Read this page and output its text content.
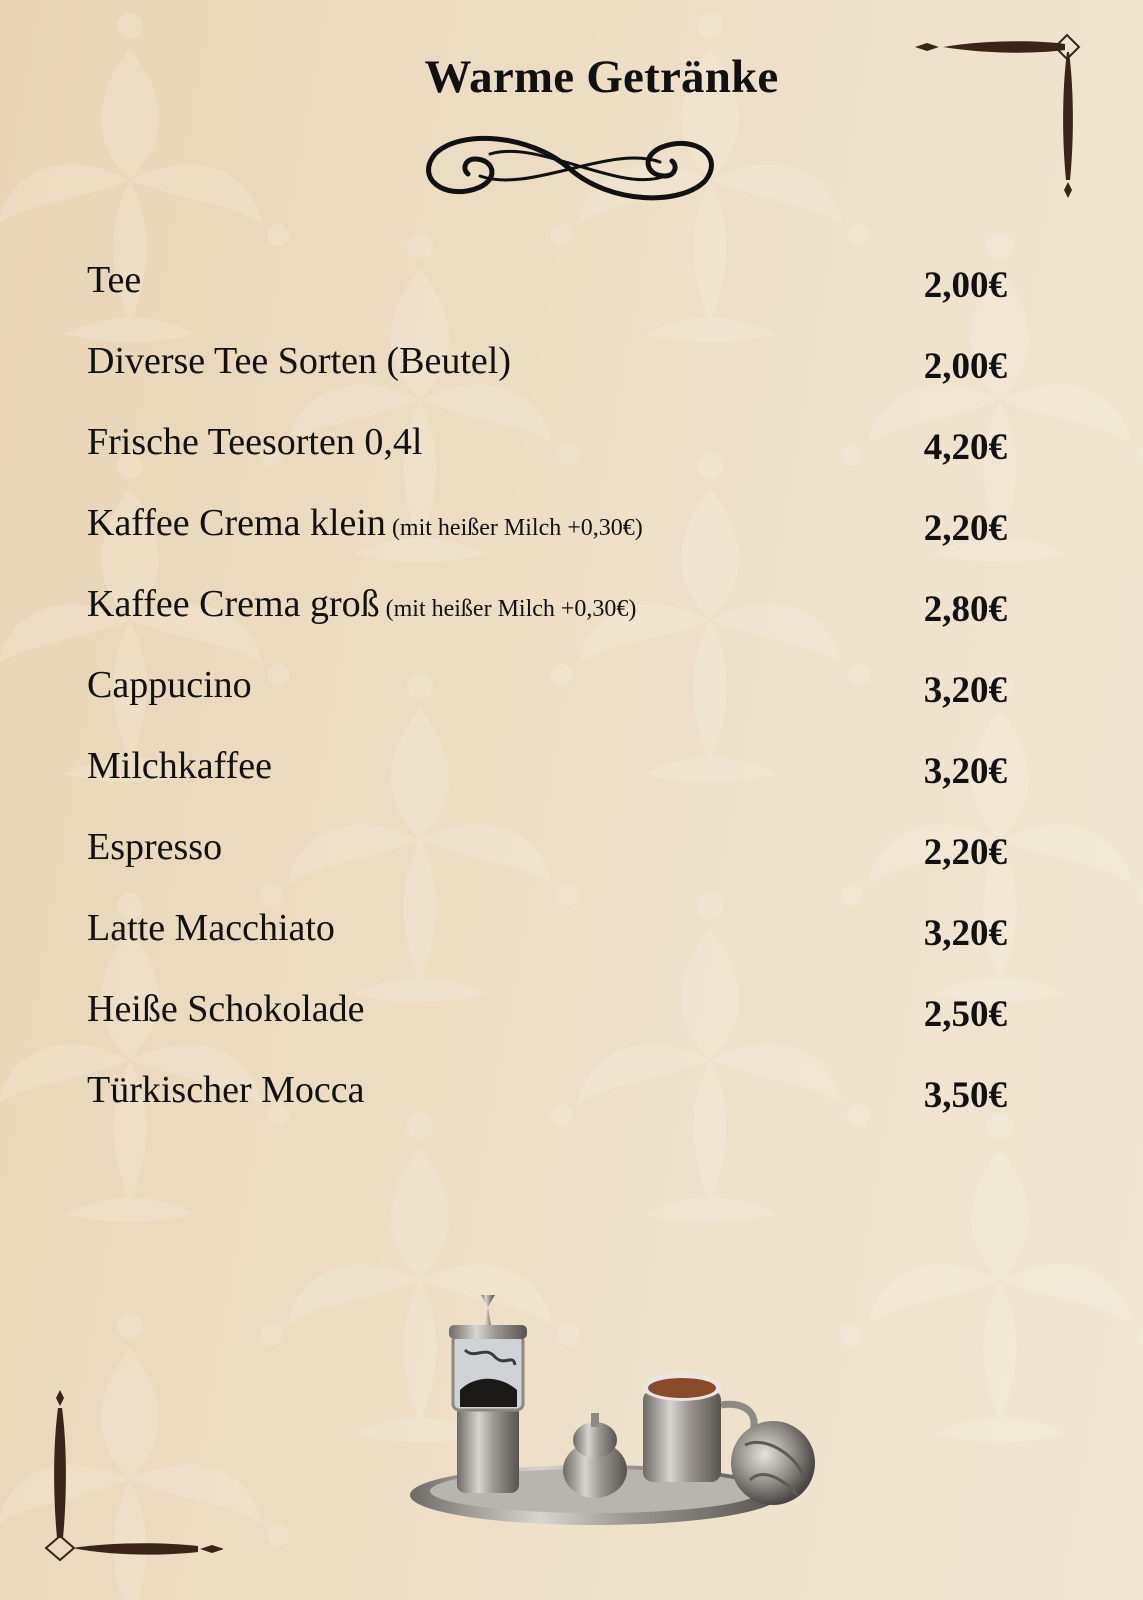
Warme Getränke
Tee	2,00€
Diverse Tee Sorten (Beutel)	2,00€
Frische Teesorten 0,4l	4,20€
Kaffee Crema klein (mit heißer Milch +0,30€)	2,20€
Kaffee Crema groß (mit heißer Milch +0,30€)	2,80€
Cappucino	3,20€
Milchkaffee	3,20€
Espresso	2,20€
Latte Macchiato	3,20€
Heiße Schokolade	2,50€
Türkischer Mocca	3,50€
